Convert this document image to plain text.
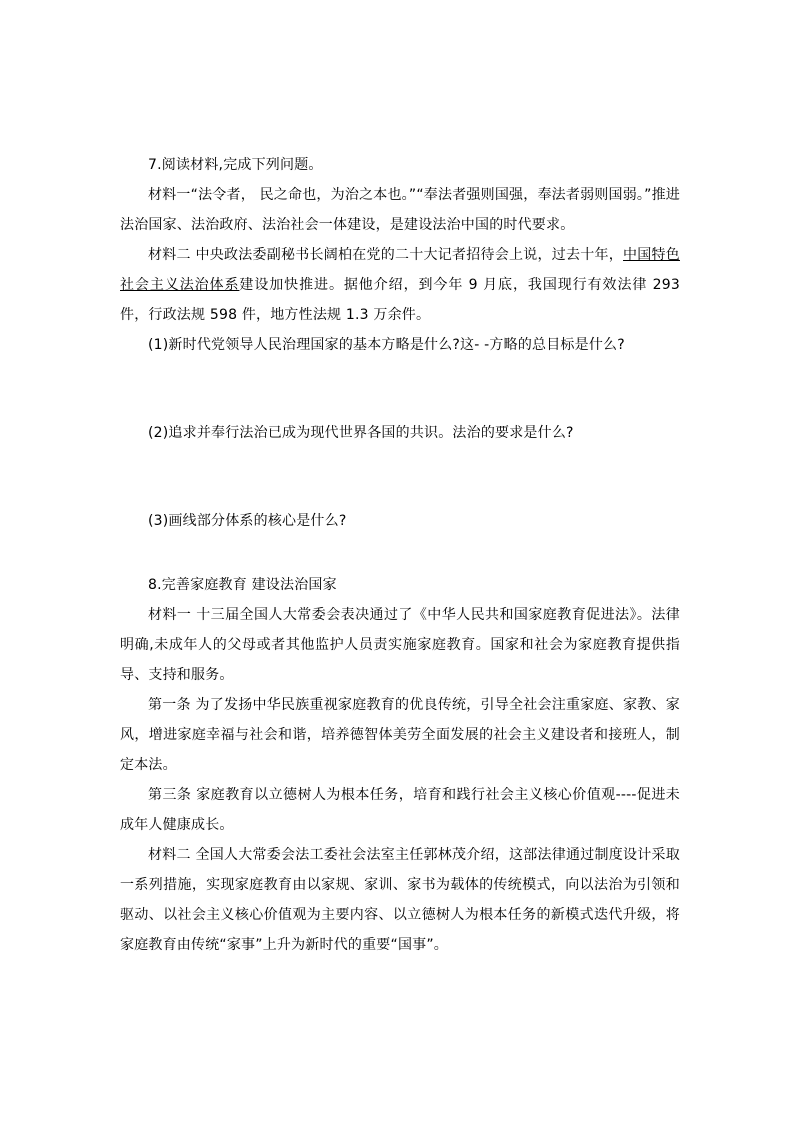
7.阅读材料,完成下列问题。

材料一“法令者， 民之命也，为治之本也。”“奉法者强则国强，奉法者弱则国弱。”推进法治国家、法治政府、法治社会一体建设，是建设法治中国的时代要求。

材料二 中央政法委副秘书长阔柏在党的二十大记者招待会上说，过去十年，中国特色社会主义法治体系建设加快推进。据他介绍，到今年 9 月底，我国现行有效法律 293 件，行政法规 598 件，地方性法规 1.3 万余件。

(1)新时代党领导人民治理国家的基本方略是什么?这- -方略的总目标是什么?

(2)追求并奉行法治已成为现代世界各国的共识。法治的要求是什么?

(3)画线部分体系的核心是什么?

8.完善家庭教育 建设法治国家

材料一 十三届全国人大常委会表决通过了《中华人民共和国家庭教育促进法》。法律明确,未成年人的父母或者其他监护人员责实施家庭教育。国家和社会为家庭教育提供指导、支持和服务。

第一条 为了发扬中华民族重视家庭教育的优良传统，引导全社会注重家庭、家教、家风，增进家庭幸福与社会和谐，培养德智体美劳全面发展的社会主义建设者和接班人，制定本法。

第三条 家庭教育以立德树人为根本任务，培育和践行社会主义核心价值观----促进未成年人健康成长。

材料二 全国人大常委会法工委社会法室主任郭林茂介绍，这部法律通过制度设计采取一系列措施，实现家庭教育由以家规、家训、家书为载体的传统模式，向以法治为引领和驱动、以社会主义核心价值观为主要内容、以立德树人为根本任务的新模式迭代升级，将家庭教育由传统“家事”上升为新时代的重要“国事”。
